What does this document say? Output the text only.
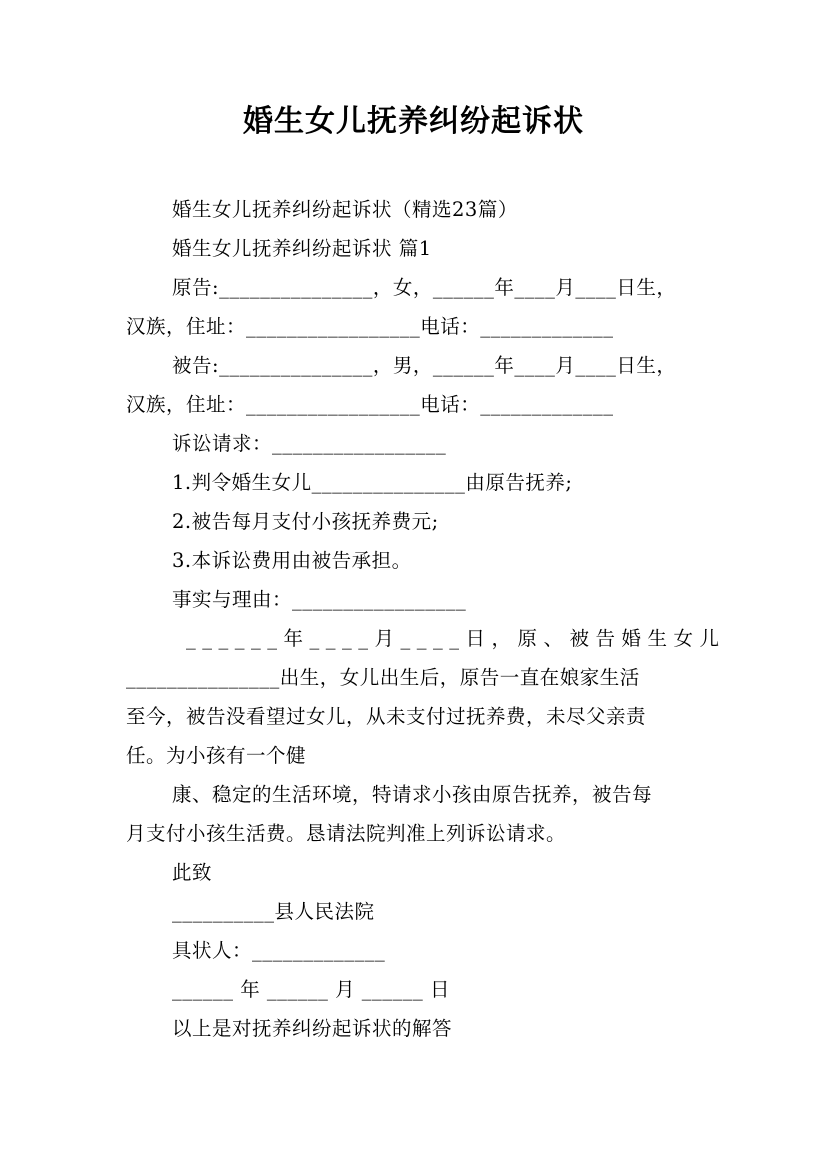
婚生女儿抚养纠纷起诉状
婚生女儿抚养纠纷起诉状（精选23篇）
婚生女儿抚养纠纷起诉状 篇1
原告:_______________，女，______年____月____日生，
汉族，住址：_________________电话：_____________
被告:_______________，男，______年____月____日生，
汉族，住址：_________________电话：_____________
诉讼请求：_________________
1.判令婚生女儿_______________由原告抚养;
2.被告每月支付小孩抚养费元;
3.本诉讼费用由被告承担。
事实与理由：_________________
______年____月____日，原、被告婚生女儿
_______________出生，女儿出生后，原告一直在娘家生活
至今，被告没看望过女儿，从未支付过抚养费，未尽父亲责
任。为小孩有一个健
康、稳定的生活环境，特请求小孩由原告抚养，被告每
月支付小孩生活费。恳请法院判准上列诉讼请求。
此致
__________县人民法院
具状人：_____________
______ 年 ______ 月 ______ 日
以上是对抚养纠纷起诉状的解答
